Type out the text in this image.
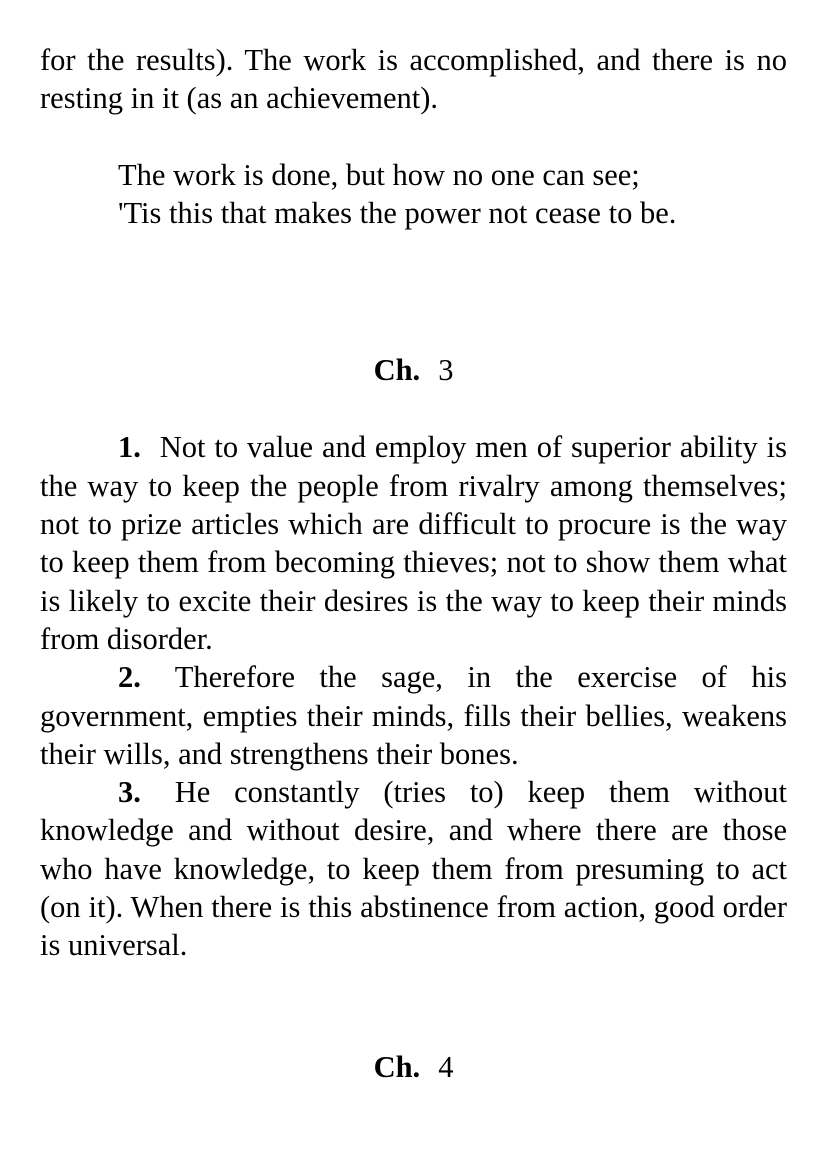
for the results). The work is accomplished, and there is no resting in it (as an achievement).

The work is done, but how no one can see;
'Tis this that makes the power not cease to be.
Ch. 3

1. Not to value and employ men of superior ability is the way to keep the people from rivalry among themselves; not to prize articles which are difficult to procure is the way to keep them from becoming thieves; not to show them what is likely to excite their desires is the way to keep their minds from disorder.

2. Therefore the sage, in the exercise of his government, empties their minds, fills their bellies, weakens their wills, and strengthens their bones.

3. He constantly (tries to) keep them without knowledge and without desire, and where there are those who have knowledge, to keep them from presuming to act (on it). When there is this abstinence from action, good order is universal.

Ch. 4
